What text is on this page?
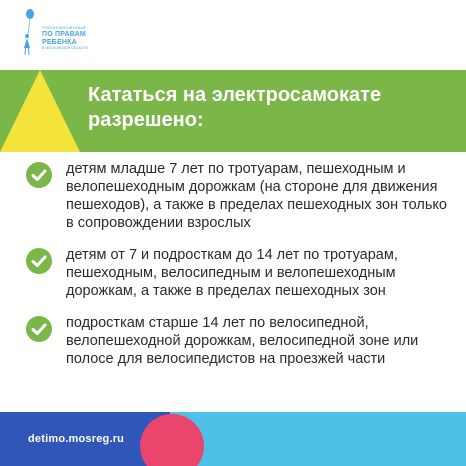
УПОЛНОМОЧЕННЫЙ
ПО ПРАВАМ
РЕБЕНКА
В МОСКОВСКОЙ ОБЛАСТИ
Кататься на электросамокате разрешено:
детям младше 7 лет по тротуарам, пешеходным и велопешеходным дорожкам (на стороне для движения пешеходов), а также в пределах пешеходных зон только в сопровождении взрослых
детям от 7 и подросткам до 14 лет по тротуарам, пешеходным, велосипедным и велопешеходным дорожкам, а также в пределах пешеходных зон
подросткам старше 14 лет по велосипедной, велопешеходной дорожкам, велосипедной зоне или полосе для велосипедистов на проезжей части
detimo.mosreg.ru
